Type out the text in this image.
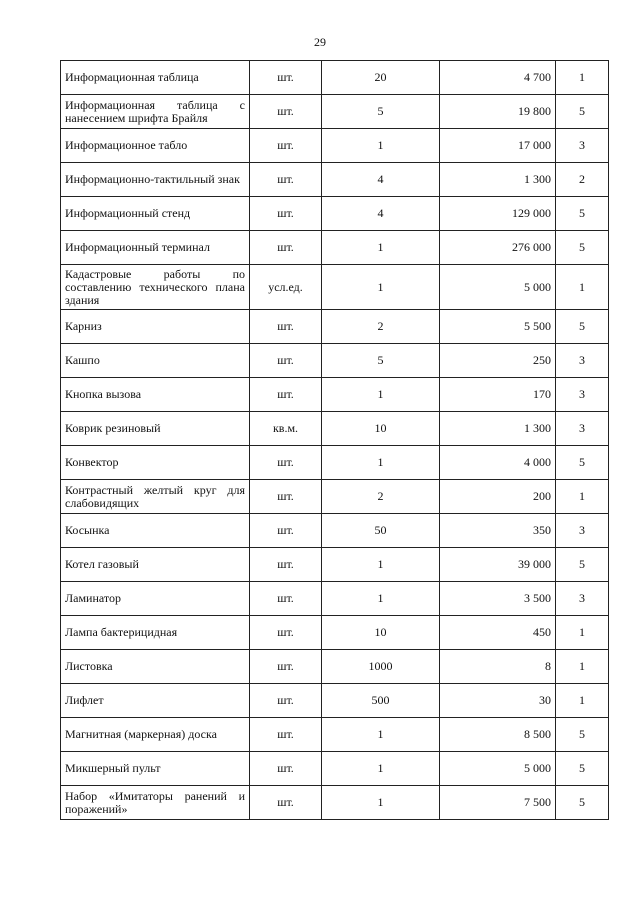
29
Информационная таблица	шт.	20	4 700	1
Информационная таблица с нанесением шрифта Брайля	шт.	5	19 800	5
Информационное табло	шт.	1	17 000	3
Информационно-тактильный знак	шт.	4	1 300	2
Информационный стенд	шт.	4	129 000	5
Информационный терминал	шт.	1	276 000	5
Кадастровые работы по составлению технического плана здания	усл.ед.	1	5 000	1
Карниз	шт.	2	5 500	5
Кашпо	шт.	5	250	3
Кнопка вызова	шт.	1	170	3
Коврик резиновый	кв.м.	10	1 300	3
Конвектор	шт.	1	4 000	5
Контрастный желтый круг для слабовидящих	шт.	2	200	1
Косынка	шт.	50	350	3
Котел газовый	шт.	1	39 000	5
Ламинатор	шт.	1	3 500	3
Лампа бактерицидная	шт.	10	450	1
Листовка	шт.	1000	8	1
Лифлет	шт.	500	30	1
Магнитная (маркерная) доска	шт.	1	8 500	5
Микшерный пульт	шт.	1	5 000	5
Набор «Имитаторы ранений и поражений»	шт.	1	7 500	5
